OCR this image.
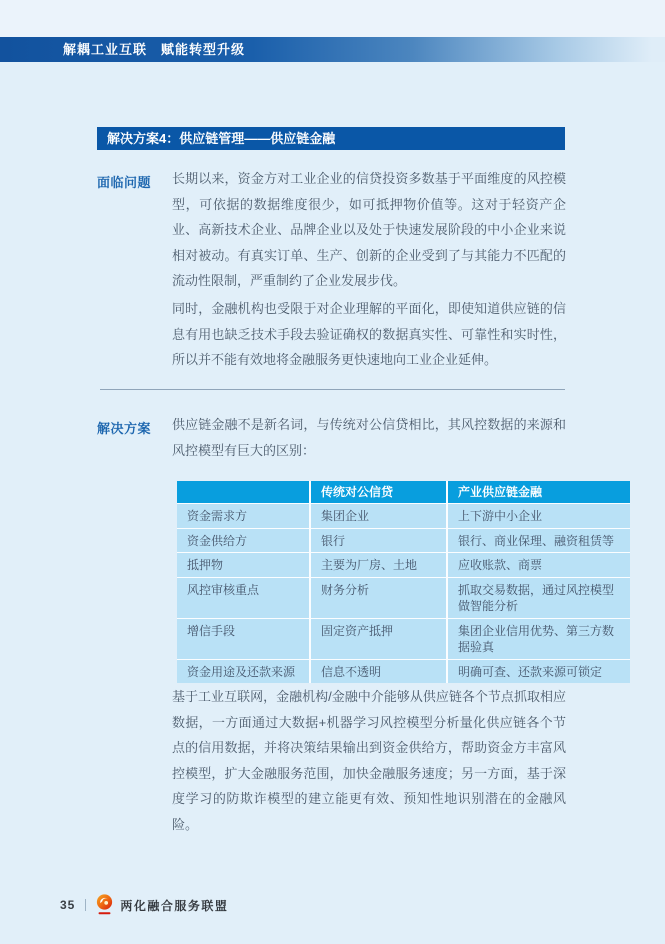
解耦工业互联　赋能转型升级
解决方案4：供应链管理——供应链金融
面临问题 长期以来，资金方对工业企业的信贷投资多数基于平面维度的风控模型，可依据的数据维度很少，如可抵押物价值等。这对于轻资产企业、高新技术企业、品牌企业以及处于快速发展阶段的中小企业来说相对被动。有真实订单、生产、创新的企业受到了与其能力不匹配的流动性限制，严重制约了企业发展步伐。

同时，金融机构也受限于对企业理解的平面化，即使知道供应链的信息有用也缺乏技术手段去验证确权的数据真实性、可靠性和实时性，所以并不能有效地将金融服务更快速地向工业企业延伸。

解决方案 供应链金融不是新名词，与传统对公信贷相比，其风控数据的来源和风控模型有巨大的区别：

	传统对公信贷	产业供应链金融
资金需求方	集团企业	上下游中小企业
资金供给方	银行	银行、商业保理、融资租赁等
抵押物	主要为厂房、土地	应收账款、商票
风控审核重点	财务分析	抓取交易数据，通过风控模型做智能分析
增信手段	固定资产抵押	集团企业信用优势、第三方数据验真
资金用途及还款来源	信息不透明	明确可查、还款来源可锁定

基于工业互联网，金融机构/金融中介能够从供应链各个节点抓取相应数据，一方面通过大数据+机器学习风控模型分析量化供应链各个节点的信用数据，并将决策结果输出到资金供给方，帮助资金方丰富风控模型，扩大金融服务范围，加快金融服务速度；另一方面，基于深度学习的防欺诈模型的建立能更有效、预知性地识别潜在的金融风险。

35	两化融合服务联盟
